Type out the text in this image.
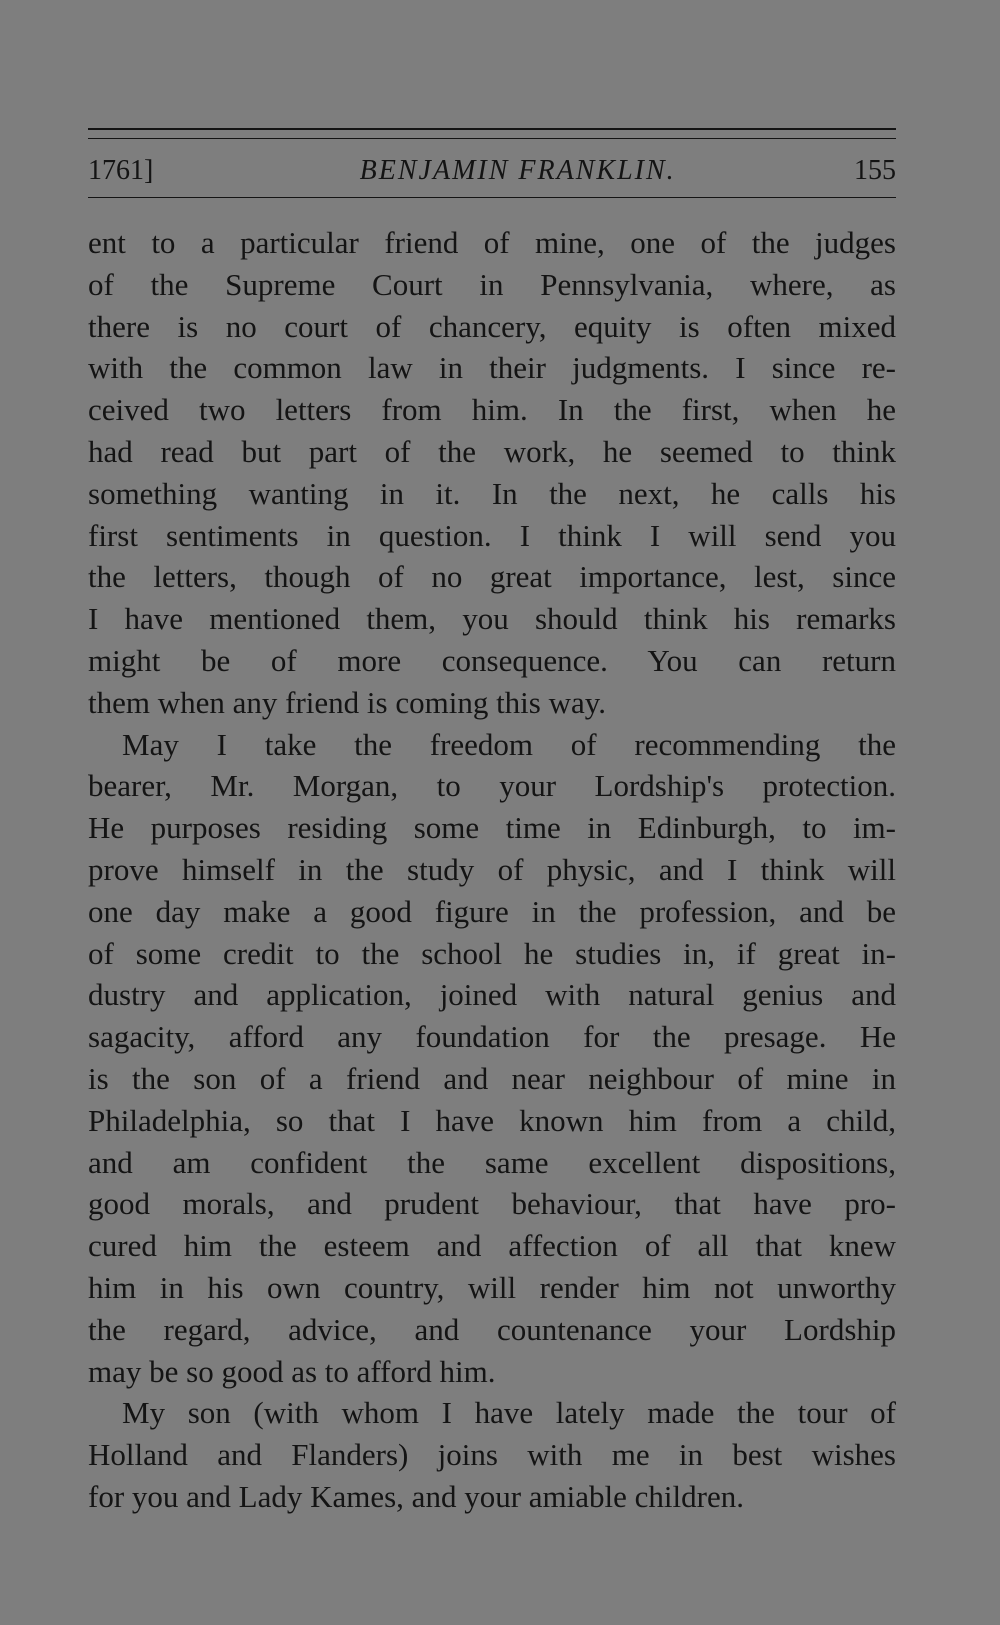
1761]	BENJAMIN FRANKLIN.	155
ent to a particular friend of mine, one of the judges
of the Supreme Court in Pennsylvania, where, as
there is no court of chancery, equity is often mixed
with the common law in their judgments. I since re-
ceived two letters from him. In the first, when he
had read but part of the work, he seemed to think
something wanting in it. In the next, he calls his
first sentiments in question. I think I will send you
the letters, though of no great importance, lest, since
I have mentioned them, you should think his remarks
might be of more consequence. You can return
them when any friend is coming this way.
May I take the freedom of recommending the
bearer, Mr. Morgan, to your Lordship's protection.
He purposes residing some time in Edinburgh, to im-
prove himself in the study of physic, and I think will
one day make a good figure in the profession, and be
of some credit to the school he studies in, if great in-
dustry and application, joined with natural genius and
sagacity, afford any foundation for the presage. He
is the son of a friend and near neighbour of mine in
Philadelphia, so that I have known him from a child,
and am confident the same excellent dispositions,
good morals, and prudent behaviour, that have pro-
cured him the esteem and affection of all that knew
him in his own country, will render him not unworthy
the regard, advice, and countenance your Lordship
may be so good as to afford him.
My son (with whom I have lately made the tour of
Holland and Flanders) joins with me in best wishes
for you and Lady Kames, and your amiable children.
